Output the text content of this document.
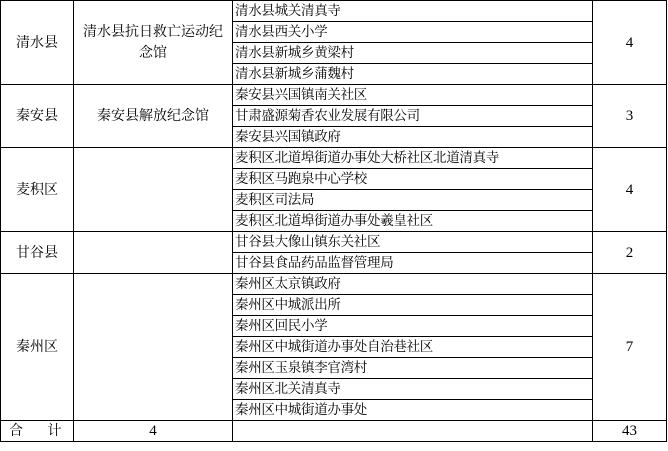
清水县	清水县抗日救亡运动纪念馆	清水县城关清真寺	4
		清水县西关小学	
		清水县新城乡黄梁村	
		清水县新城乡蒲魏村	
秦安县	秦安县解放纪念馆	秦安县兴国镇南关社区	3
		甘肃盛源菊香农业发展有限公司	
		秦安县兴国镇政府	
麦积区		麦积区北道埠街道办事处大桥社区北道清真寺	4
		麦积区马跑泉中心学校	
		麦积区司法局	
		麦积区北道埠街道办事处羲皇社区	
甘谷县		甘谷县大像山镇东关社区	2
		甘谷县食品药品监督管理局	
秦州区		秦州区太京镇政府	7
		秦州区中城派出所	
		秦州区回民小学	
		秦州区中城街道办事处自治巷社区	
		秦州区玉泉镇李官湾村	
		秦州区北关清真寺	
		秦州区中城街道办事处	
合 计	4		43
